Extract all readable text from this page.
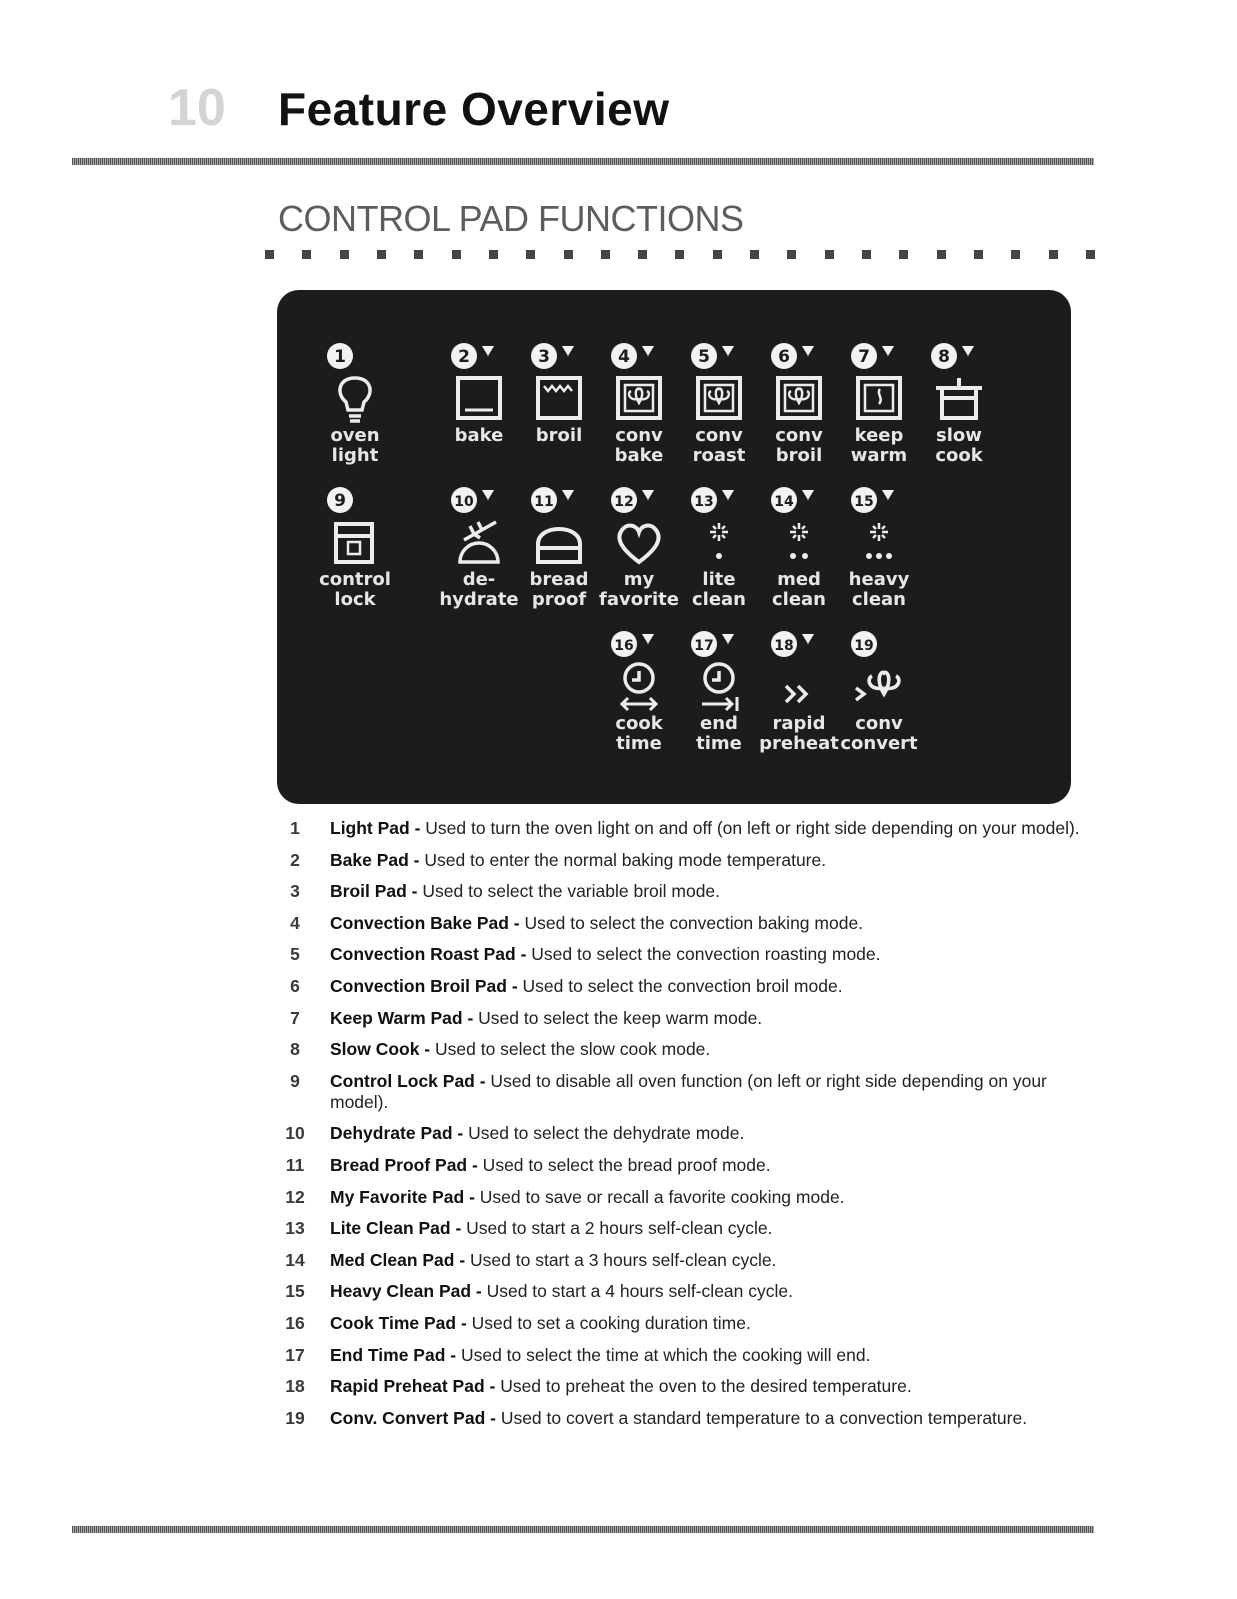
10	Feature Overview
CONTROL PAD FUNCTIONS
1
oven
light
2
bake
3
broil
4
conv
bake
5
conv
roast
6
conv
broil
7
keep
warm
8
slow
cook
9
control
lock
10
de-
hydrate
11
bread
proof
12
my
favorite
13
lite
clean
14
med
clean
15
heavy
clean
16
cook
time
17
end
time
18
rapid
preheat
19
conv
convert
1	Light Pad - Used to turn the oven light on and off (on left or right side depending on your model).
2	Bake Pad - Used to enter the normal baking mode temperature.
3	Broil Pad - Used to select the variable broil mode.
4	Convection Bake Pad - Used to select the convection baking mode.
5	Convection Roast Pad - Used to select the convection roasting mode.
6	Convection Broil Pad - Used to select the convection broil mode.
7	Keep Warm Pad - Used to select the keep warm mode.
8	Slow Cook - Used to select the slow cook mode.
9	Control Lock Pad - Used to disable all oven function (on left or right side depending on your model).
10	Dehydrate Pad - Used to select the dehydrate mode.
11	Bread Proof Pad - Used to select the bread proof mode.
12	My Favorite Pad - Used to save or recall a favorite cooking mode.
13	Lite Clean Pad - Used to start a 2 hours self-clean cycle.
14	Med Clean Pad - Used to start a 3 hours self-clean cycle.
15	Heavy Clean Pad - Used to start a 4 hours self-clean cycle.
16	Cook Time Pad - Used to set a cooking duration time.
17	End Time Pad - Used to select the time at which the cooking will end.
18	Rapid Preheat Pad - Used to preheat the oven to the desired temperature.
19	Conv. Convert Pad - Used to covert a standard temperature to a convection temperature.
